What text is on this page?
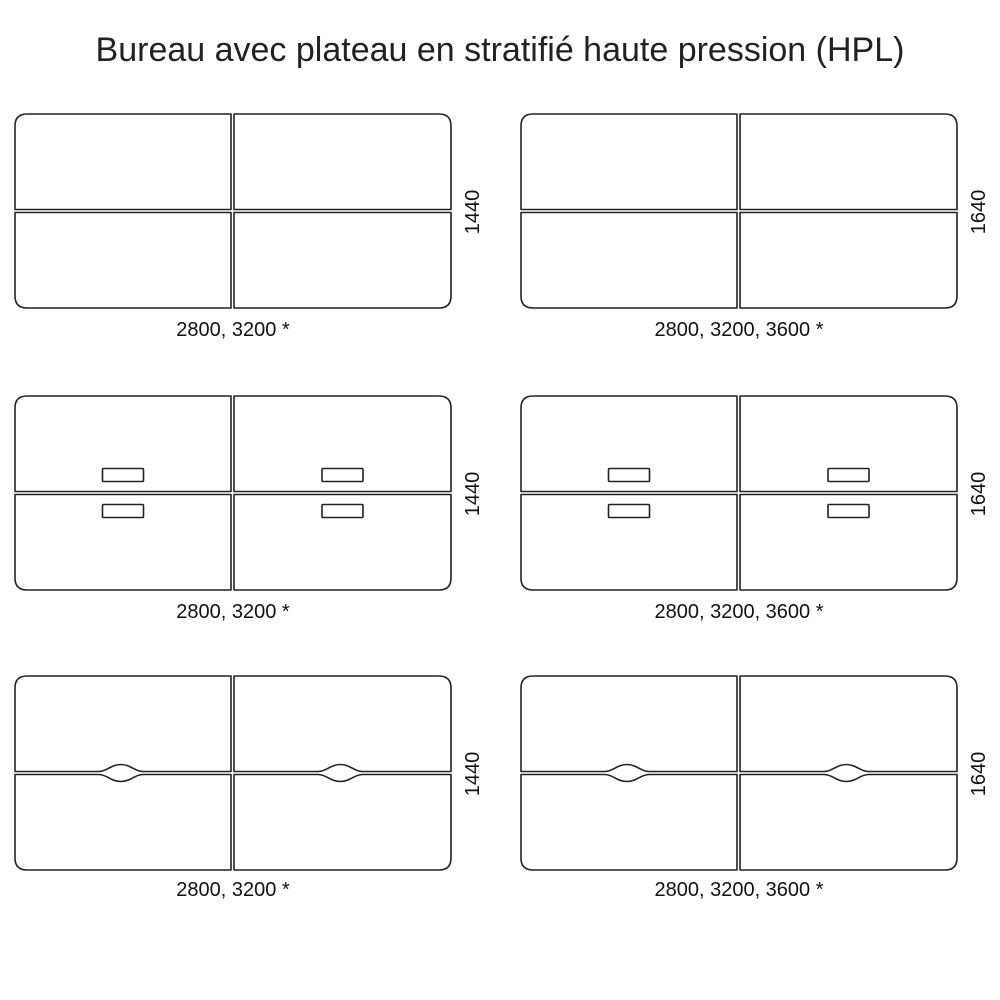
Bureau avec plateau en stratifié haute pression (HPL)
2800, 3200 *
1440
2800, 3200, 3600 *
1640
2800, 3200 *
1440
2800, 3200, 3600 *
1640
2800, 3200 *
1440
2800, 3200, 3600 *
1640
